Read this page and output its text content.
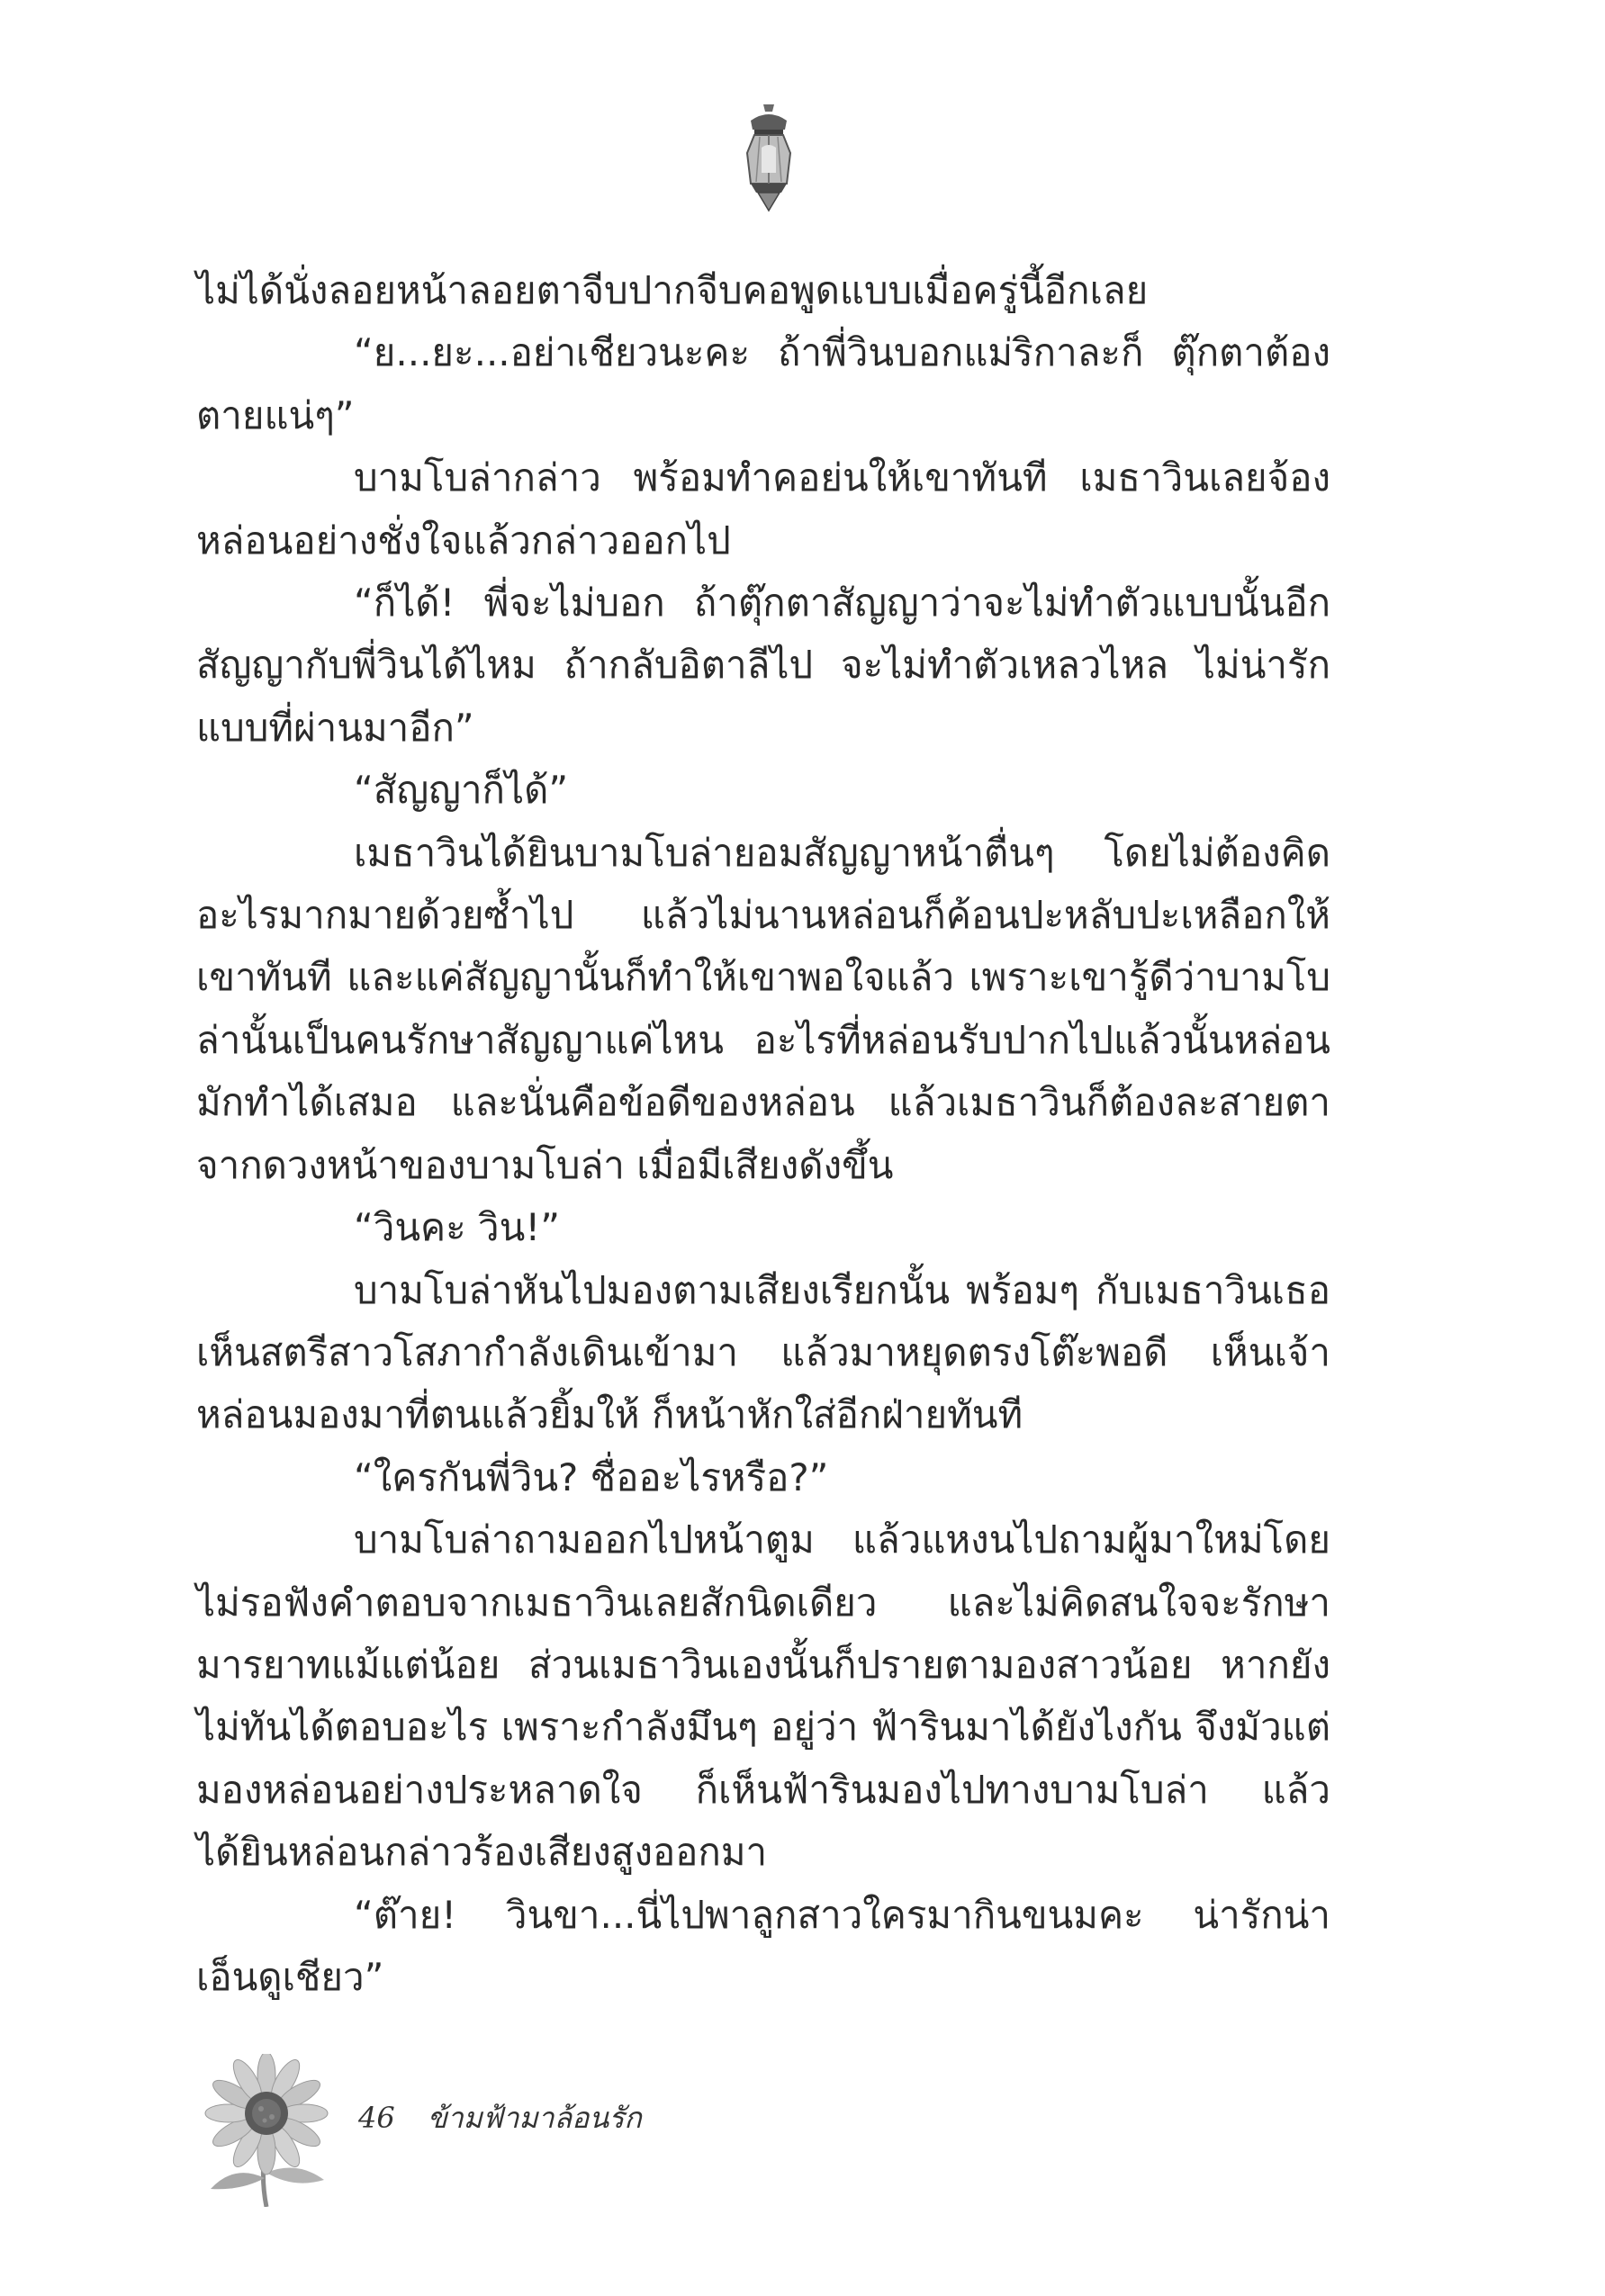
ไม่ได้นั่งลอยหน้าลอยตาจีบปากจีบคอพูดแบบเมื่อครู่นี้อีกเลย

“ย...ยะ...อย่าเชียวนะคะ ถ้าพี่วินบอกแม่ริกาละก็ ตุ๊กตาต้องตายแน่ๆ”

บามโบล่ากล่าว พร้อมทำคอย่นให้เขาทันที เมธาวินเลยจ้องหล่อนอย่างชั่งใจแล้วกล่าวออกไป

“ก็ได้! พี่จะไม่บอก ถ้าตุ๊กตาสัญญาว่าจะไม่ทำตัวแบบนั้นอีก สัญญากับพี่วินได้ไหม ถ้ากลับอิตาลีไป จะไม่ทำตัวเหลวไหล ไม่น่ารักแบบที่ผ่านมาอีก”

“สัญญาก็ได้”

เมธาวินได้ยินบามโบล่ายอมสัญญาหน้าตื่นๆ โดยไม่ต้องคิดอะไรมากมายด้วยซ้ำไป แล้วไม่นานหล่อนก็ค้อนปะหลับปะเหลือกให้เขาทันที และแค่สัญญานั้นก็ทำให้เขาพอใจแล้ว เพราะเขารู้ดีว่าบามโบล่านั้นเป็นคนรักษาสัญญาแค่ไหน อะไรที่หล่อนรับปากไปแล้วนั้นหล่อนมักทำได้เสมอ และนั่นคือข้อดีของหล่อน แล้วเมธาวินก็ต้องละสายตาจากดวงหน้าของบามโบล่า เมื่อมีเสียงดังขึ้น

“วินคะ วิน!”

บามโบล่าหันไปมองตามเสียงเรียกนั้น พร้อมๆ กับเมธาวินเธอเห็นสตรีสาวโสภากำลังเดินเข้ามา แล้วมาหยุดตรงโต๊ะพอดี เห็นเจ้าหล่อนมองมาที่ตนแล้วยิ้มให้ ก็หน้าหักใส่อีกฝ่ายทันที

“ใครกันพี่วิน? ชื่ออะไรหรือ?”

บามโบล่าถามออกไปหน้าตูม แล้วแหงนไปถามผู้มาใหม่โดยไม่รอฟังคำตอบจากเมธาวินเลยสักนิดเดียว และไม่คิดสนใจจะรักษามารยาทแม้แต่น้อย ส่วนเมธาวินเองนั้นก็ปรายตามองสาวน้อย หากยังไม่ทันได้ตอบอะไร เพราะกำลังมึนๆ อยู่ว่า ฟ้ารินมาได้ยังไงกัน จึงมัวแต่มองหล่อนอย่างประหลาดใจ ก็เห็นฟ้ารินมองไปทางบามโบล่า แล้วได้ยินหล่อนกล่าวร้องเสียงสูงออกมา

“ต๊าย! วินขา...นี่ไปพาลูกสาวใครมากินขนมคะ น่ารักน่าเอ็นดูเชียว”

46 ข้ามฟ้ามาล้อนรัก
